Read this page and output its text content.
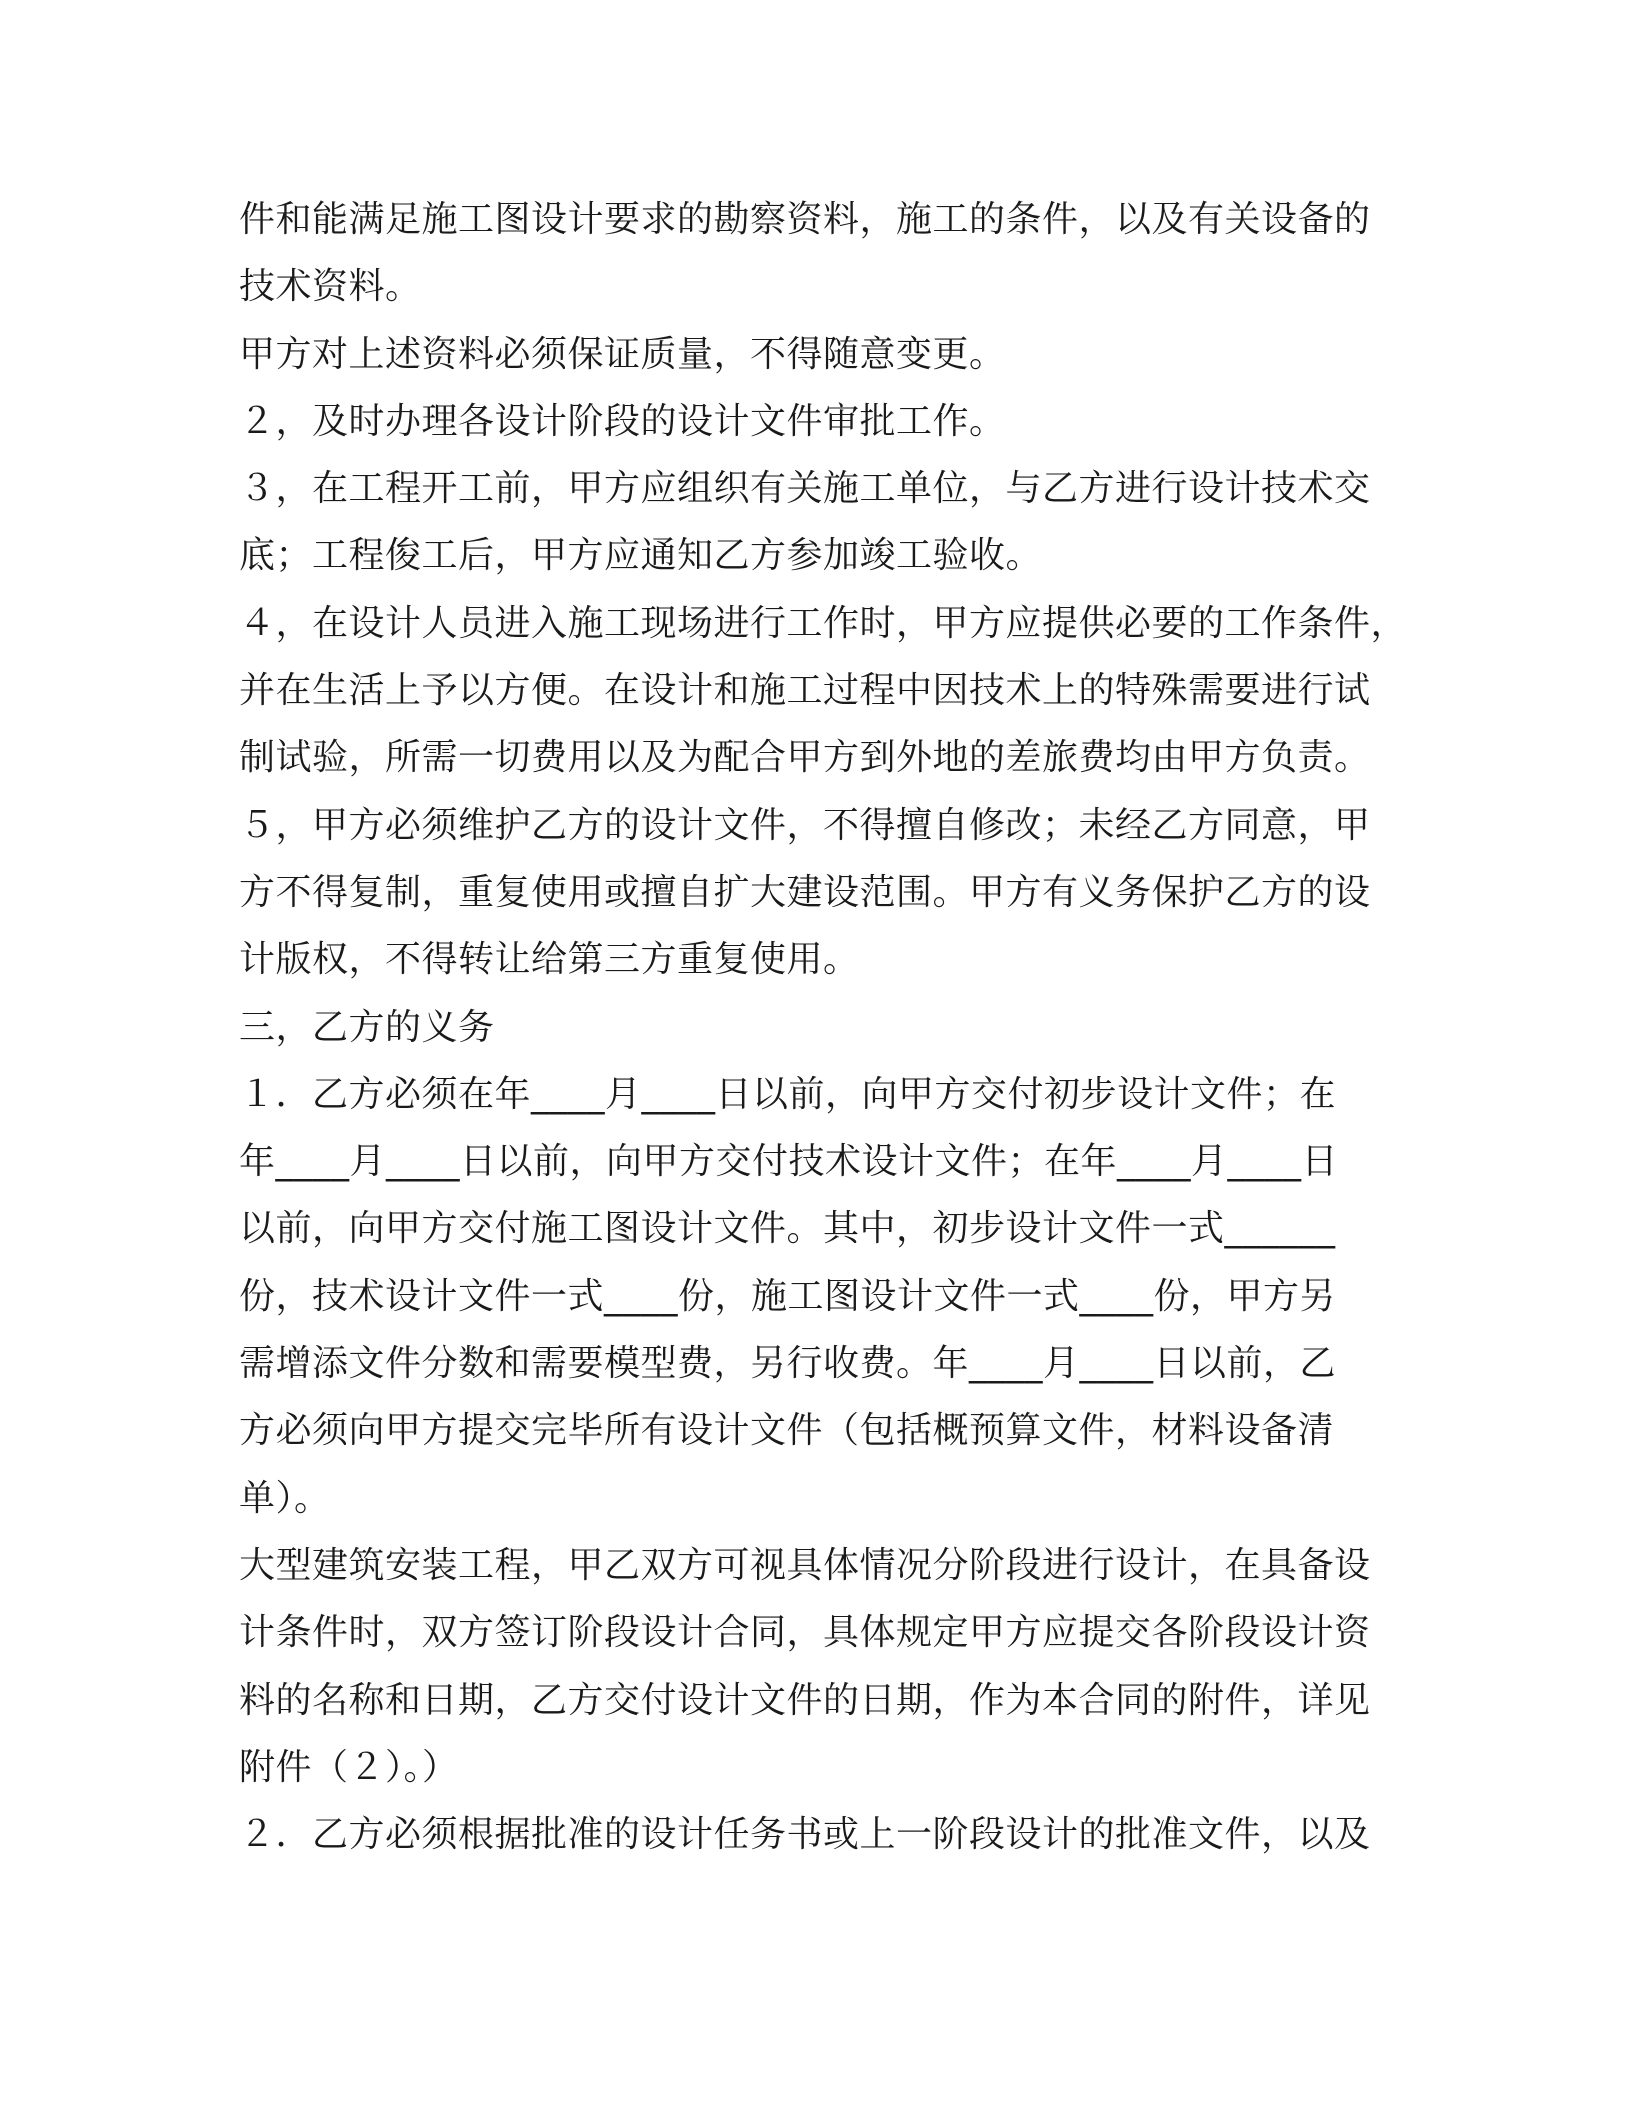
件和能满足施工图设计要求的勘察资料，施工的条件，以及有关设备的
技术资料。
甲方对上述资料必须保证质量，不得随意变更。
２，及时办理各设计阶段的设计文件审批工作。
３，在工程开工前，甲方应组织有关施工单位，与乙方进行设计技术交
底；工程俊工后，甲方应通知乙方参加竣工验收。
４，在设计人员进入施工现场进行工作时，甲方应提供必要的工作条件，
并在生活上予以方便。在设计和施工过程中因技术上的特殊需要进行试
制试验，所需一切费用以及为配合甲方到外地的差旅费均由甲方负责。
５，甲方必须维护乙方的设计文件，不得擅自修改；未经乙方同意，甲
方不得复制，重复使用或擅自扩大建设范围。甲方有义务保护乙方的设
计版权，不得转让给第三方重复使用。
三，乙方的义务
１．乙方必须在年____月____日以前，向甲方交付初步设计文件；在
年____月____日以前，向甲方交付技术设计文件；在年____月____日
以前，向甲方交付施工图设计文件。其中，初步设计文件一式______
份，技术设计文件一式____份，施工图设计文件一式____份，甲方另
需增添文件分数和需要模型费，另行收费。年____月____日以前，乙
方必须向甲方提交完毕所有设计文件（包括概预算文件，材料设备清
单）。
大型建筑安装工程，甲乙双方可视具体情况分阶段进行设计，在具备设
计条件时，双方签订阶段设计合同，具体规定甲方应提交各阶段设计资
料的名称和日期，乙方交付设计文件的日期，作为本合同的附件，详见
附件（２）。）
２．乙方必须根据批准的设计任务书或上一阶段设计的批准文件，以及
